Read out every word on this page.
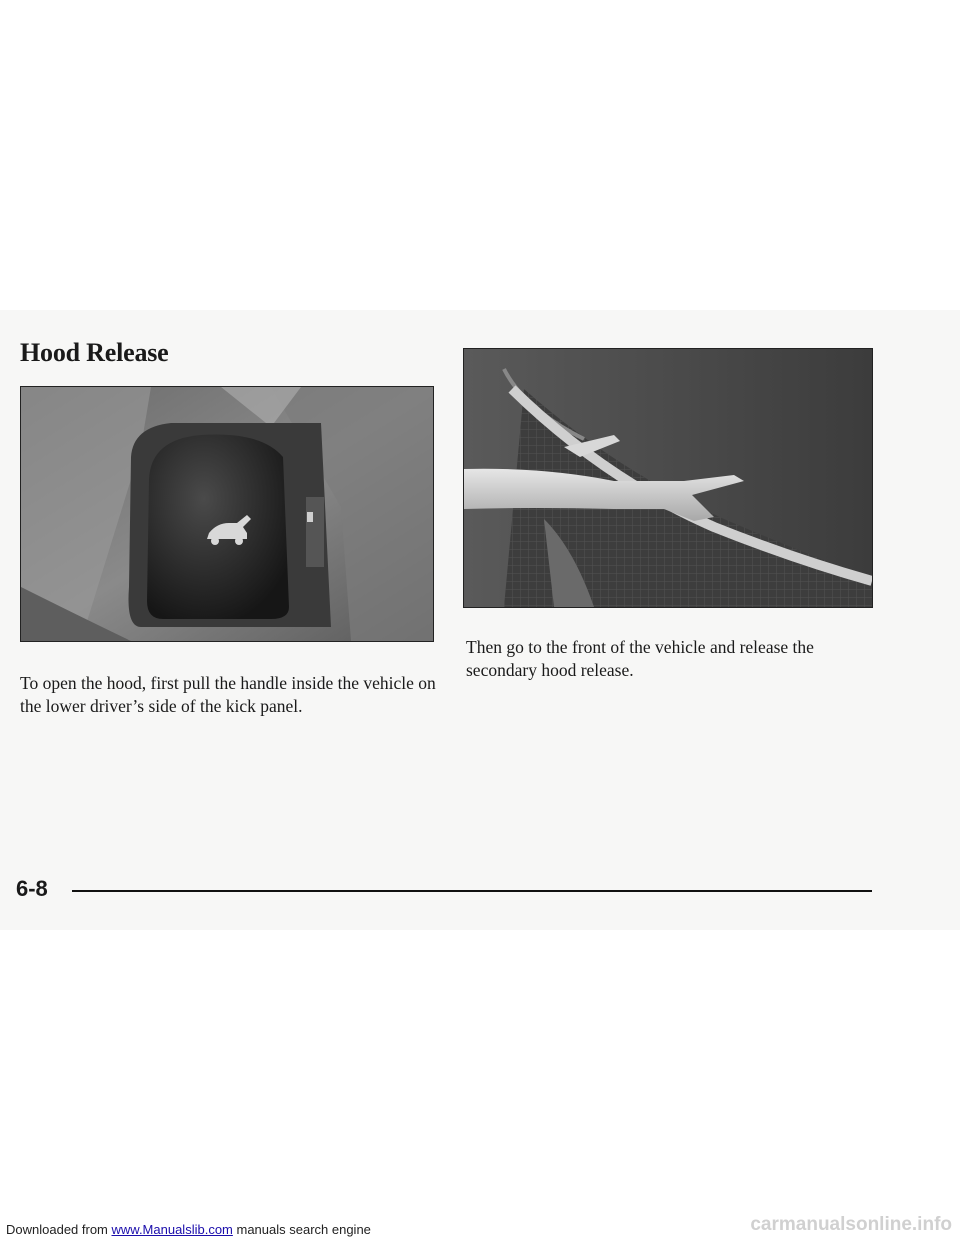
Hood Release

To open the hood, first pull the handle inside the vehicle on the lower driver’s side of the kick panel.

Then go to the front of the vehicle and release the secondary hood release.

6-8
Downloaded from www.Manualslib.com manuals search engine	carmanualsonline.info
